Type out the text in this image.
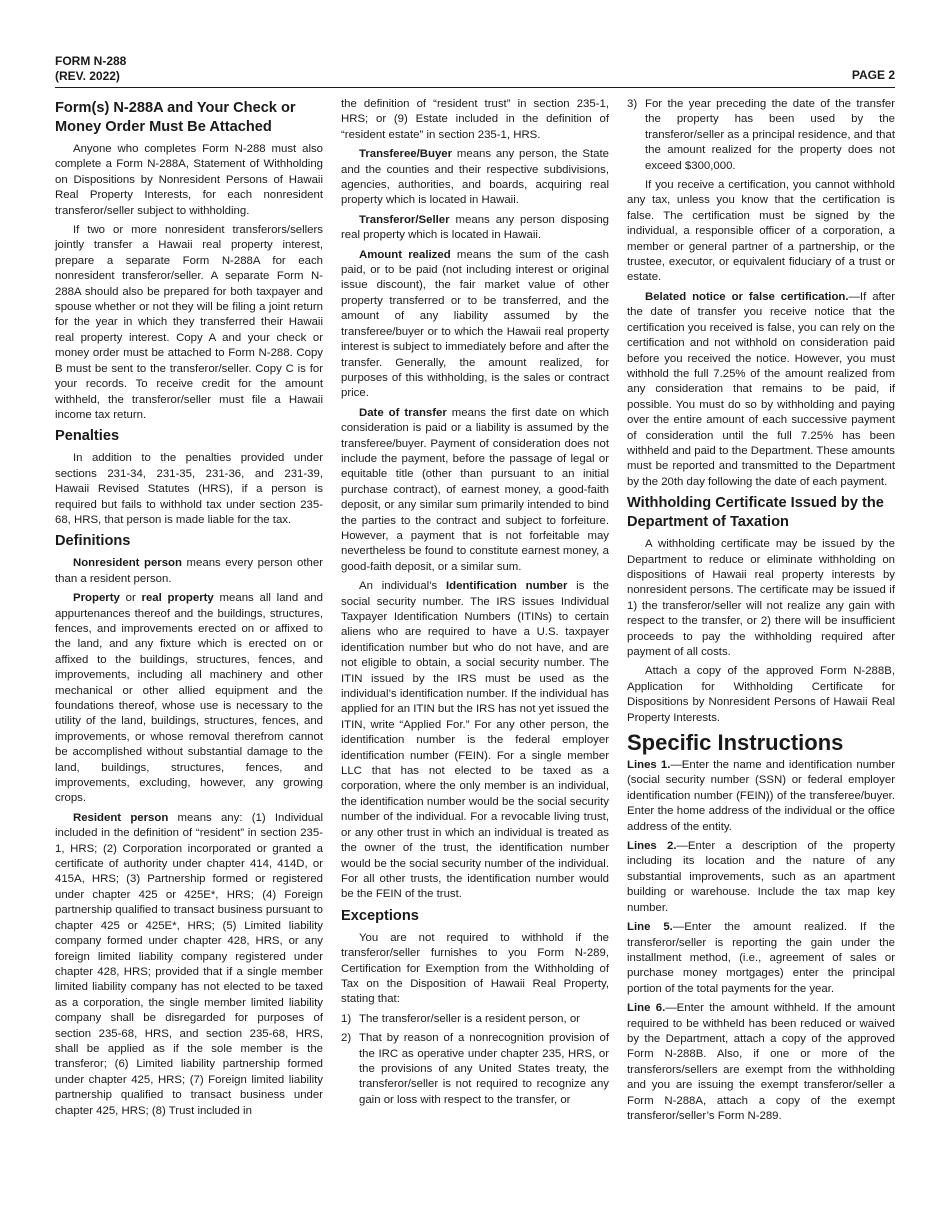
FORM N-288
(REV. 2022)	PAGE 2
Form(s) N-288A and Your Check or Money Order Must Be Attached

Anyone who completes Form N-288 must also complete a Form N-288A, Statement of Withholding on Dispositions by Nonresident Persons of Hawaii Real Property Interests, for each nonresident transferor/seller subject to withholding.

If two or more nonresident transferors/sellers jointly transfer a Hawaii real property interest, prepare a separate Form N-288A for each nonresident transferor/seller. A separate Form N-288A should also be prepared for both taxpayer and spouse whether or not they will be filing a joint return for the year in which they transferred their Hawaii real property interest. Copy A and your check or money order must be attached to Form N-288. Copy B must be sent to the transferor/seller. Copy C is for your records. To receive credit for the amount withheld, the transferor/seller must file a Hawaii income tax return.

Penalties

In addition to the penalties provided under sections 231-34, 231-35, 231-36, and 231-39, Hawaii Revised Statutes (HRS), if a person is required but fails to withhold tax under section 235-68, HRS, that person is made liable for the tax.

Definitions

Nonresident person means every person other than a resident person.

Property or real property means all land and appurtenances thereof and the buildings, structures, fences, and improvements erected on or affixed to the land, and any fixture which is erected on or affixed to the buildings, structures, fences, and improvements, including all machinery and other mechanical or other allied equipment and the foundations thereof, whose use is necessary to the utility of the land, buildings, structures, fences, and improvements, or whose removal therefrom cannot be accomplished without substantial damage to the land, buildings, structures, fences, and improvements, excluding, however, any growing crops.

Resident person means any: (1) Individual included in the definition of “resident” in section 235-1, HRS; (2) Corporation incorporated or granted a certificate of authority under chapter 414, 414D, or 415A, HRS; (3) Partnership formed or registered under chapter 425 or 425E*, HRS; (4) Foreign partnership qualified to transact business pursuant to chapter 425 or 425E*, HRS; (5) Limited liability company formed under chapter 428, HRS, or any foreign limited liability company registered under chapter 428, HRS; provided that if a single member limited liability company has not elected to be taxed as a corporation, the single member limited liability company shall be disregarded for purposes of section 235-68, HRS, and section 235-68, HRS, shall be applied as if the sole member is the transferor; (6) Limited liability partnership formed under chapter 425, HRS; (7) Foreign limited liability partnership qualified to transact business under chapter 425, HRS; (8) Trust included in

the definition of “resident trust” in section 235-1, HRS; or (9) Estate included in the definition of “resident estate” in section 235-1, HRS.

Transferee/Buyer means any person, the State and the counties and their respective subdivisions, agencies, authorities, and boards, acquiring real property which is located in Hawaii.

Transferor/Seller means any person disposing real property which is located in Hawaii.

Amount realized means the sum of the cash paid, or to be paid (not including interest or original issue discount), the fair market value of other property transferred or to be transferred, and the amount of any liability assumed by the transferee/buyer or to which the Hawaii real property interest is subject to immediately before and after the transfer. Generally, the amount realized, for purposes of this withholding, is the sales or contract price.

Date of transfer means the first date on which consideration is paid or a liability is assumed by the transferee/buyer. Payment of consideration does not include the payment, before the passage of legal or equitable title (other than pursuant to an initial purchase contract), of earnest money, a good-faith deposit, or any similar sum primarily intended to bind the parties to the contract and subject to forfeiture. However, a payment that is not forfeitable may nevertheless be found to constitute earnest money, a good-faith deposit, or a similar sum.

An individual’s Identification number is the social security number. The IRS issues Individual Taxpayer Identification Numbers (ITINs) to certain aliens who are required to have a U.S. taxpayer identification number but who do not have, and are not eligible to obtain, a social security number. The ITIN issued by the IRS must be used as the individual’s identification number. If the individual has applied for an ITIN but the IRS has not yet issued the ITIN, write “Applied For.” For any other person, the identification number is the federal employer identification number (FEIN). For a single member LLC that has not elected to be taxed as a corporation, where the only member is an individual, the identification number would be the social security number of the individual. For a revocable living trust, or any other trust in which an individual is treated as the owner of the trust, the identification number would be the social security number of the individual. For all other trusts, the identification number would be the FEIN of the trust.

Exceptions

You are not required to withhold if the transferor/seller furnishes to you Form N-289, Certification for Exemption from the Withholding of Tax on the Disposition of Hawaii Real Property, stating that:

1) The transferor/seller is a resident person, or
2) That by reason of a nonrecognition provision of the IRC as operative under chapter 235, HRS, or the provisions of any United States treaty, the transferor/seller is not required to recognize any gain or loss with respect to the transfer, or
3) For the year preceding the date of the transfer the property has been used by the transferor/seller as a principal residence, and that the amount realized for the property does not exceed $300,000.

If you receive a certification, you cannot withhold any tax, unless you know that the certification is false. The certification must be signed by the individual, a responsible officer of a corporation, a member or general partner of a partnership, or the trustee, executor, or equivalent fiduciary of a trust or estate.

Belated notice or false certification.—If after the date of transfer you receive notice that the certification you received is false, you can rely on the certification and not withhold on consideration paid before you received the notice. However, you must withhold the full 7.25% of the amount realized from any consideration that remains to be paid, if possible. You must do so by withholding and paying over the entire amount of each successive payment of consideration until the full 7.25% has been withheld and paid to the Department. These amounts must be reported and transmitted to the Department by the 20th day following the date of each payment.

Withholding Certificate Issued by the Department of Taxation

A withholding certificate may be issued by the Department to reduce or eliminate withholding on dispositions of Hawaii real property interests by nonresident persons. The certificate may be issued if 1) the transferor/seller will not realize any gain with respect to the transfer, or 2) there will be insufficient proceeds to pay the withholding required after payment of all costs.

Attach a copy of the approved Form N-288B, Application for Withholding Certificate for Dispositions by Nonresident Persons of Hawaii Real Property Interests.

Specific Instructions

Lines 1.—Enter the name and identification number (social security number (SSN) or federal employer identification number (FEIN)) of the transferee/buyer. Enter the home address of the individual or the office address of the entity.

Lines 2.—Enter a description of the property including its location and the nature of any substantial improvements, such as an apartment building or warehouse. Include the tax map key number.

Line 5.—Enter the amount realized. If the transferor/seller is reporting the gain under the installment method, (i.e., agreement of sales or purchase money mortgages) enter the principal portion of the total payments for the year.

Line 6.—Enter the amount withheld. If the amount required to be withheld has been reduced or waived by the Department, attach a copy of the approved Form N-288B. Also, if one or more of the transferors/sellers are exempt from the withholding and you are issuing the exempt transferor/seller a Form N-288A, attach a copy of the exempt transferor/seller’s Form N-289.
